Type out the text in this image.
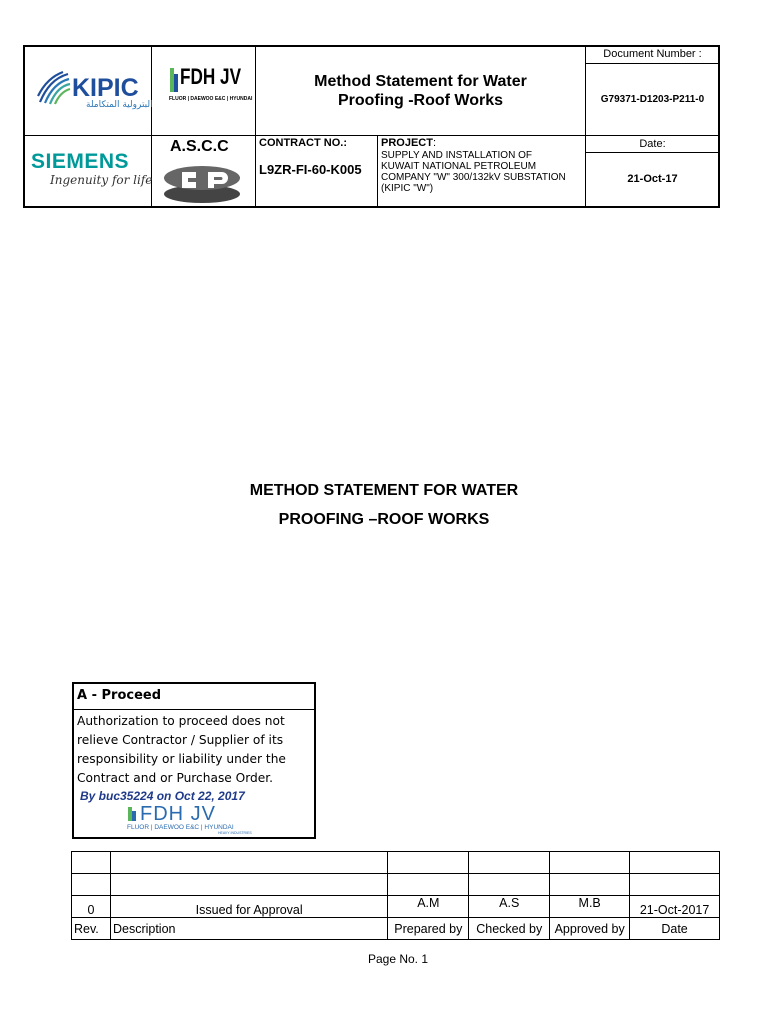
KIPIC
البترولية المتكاملة
FDH JV
FLUOR | DAEWOO E&C | HYUNDAI
Method Statement for Water
Proofing -Roof Works
Document Number :
G79371-D1203-P211-0
SIEMENS
Ingenuity for life
A.S.C.C	CONTRACT NO.:
L9ZR-FI-60-K005
PROJECT:
SUPPLY AND INSTALLATION OF
KUWAIT NATIONAL PETROLEUM
COMPANY "W" 300/132kV SUBSTATION
(KIPIC "W")
Date:
21-Oct-17
METHOD STATEMENT FOR WATER
PROOFING –ROOF WORKS
A - Proceed
Authorization to proceed does not
relieve Contractor / Supplier of its
responsibility or liability under the
Contract and or Purchase Order.
By buc35224 on Oct 22, 2017
FDH JV
FLUOR | DAEWOO E&C | HYUNDAI
HEAVY INDUSTRIES

0	Issued for Approval	A.M	A.S	M.B	21-Oct-2017
Rev.	Description	Prepared by	Checked by	Approved by	Date
Page No. 1
